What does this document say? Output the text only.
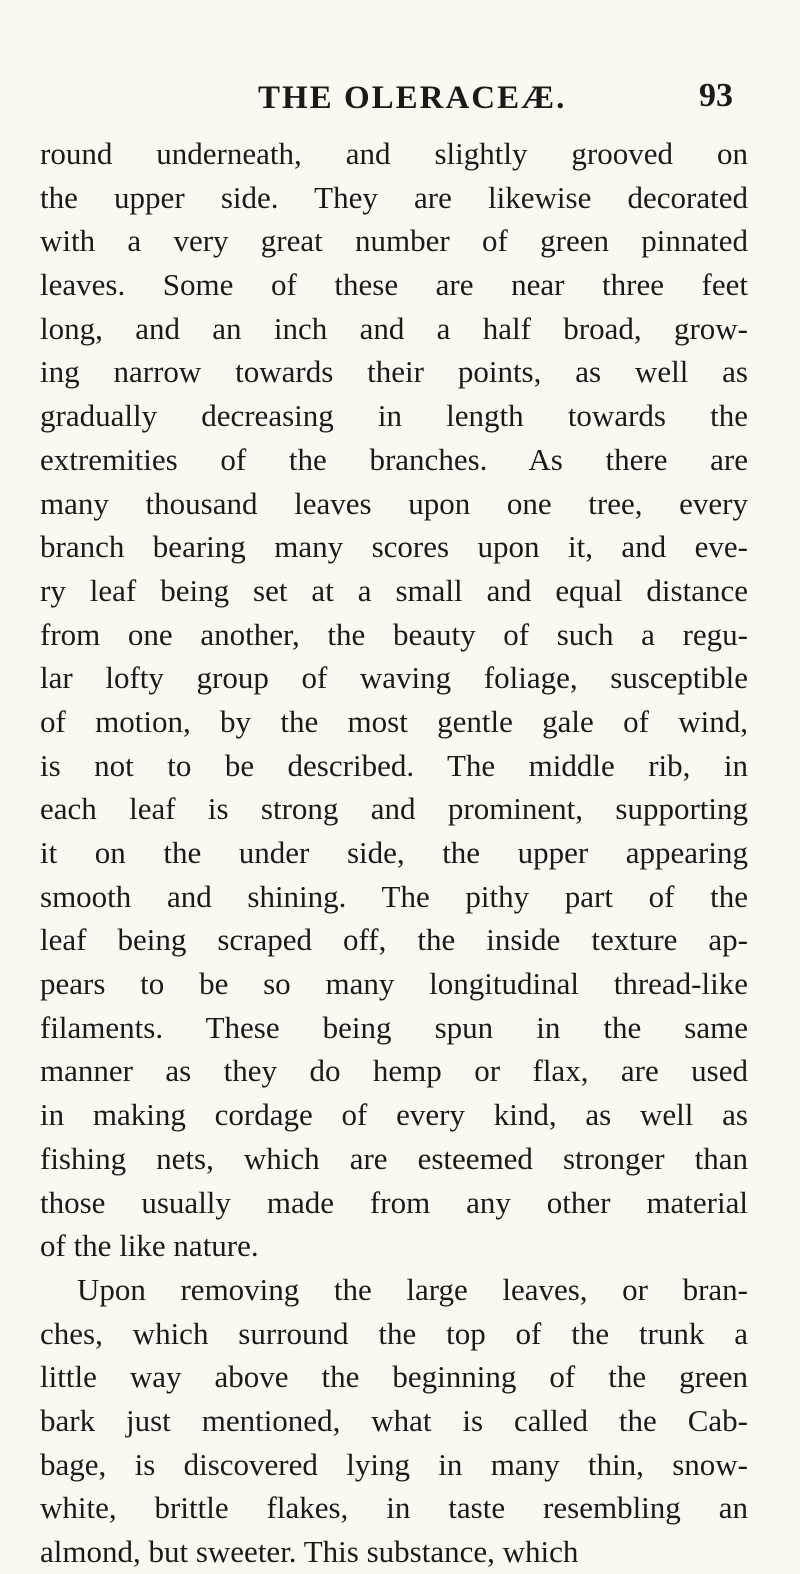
THE OLERACEÆ.	93
round underneath, and slightly grooved on
the upper side. They are likewise decorated
with a very great number of green pinnated
leaves. Some of these are near three feet
long, and an inch and a half broad, grow-
ing narrow towards their points, as well as
gradually decreasing in length towards the
extremities of the branches. As there are
many thousand leaves upon one tree, every
branch bearing many scores upon it, and eve-
ry leaf being set at a small and equal distance
from one another, the beauty of such a regu-
lar lofty group of waving foliage, susceptible
of motion, by the most gentle gale of wind,
is not to be described. The middle rib, in
each leaf is strong and prominent, supporting
it on the under side, the upper appearing
smooth and shining. The pithy part of the
leaf being scraped off, the inside texture ap-
pears to be so many longitudinal thread-like
filaments. These being spun in the same
manner as they do hemp or flax, are used
in making cordage of every kind, as well as
fishing nets, which are esteemed stronger than
those usually made from any other material
of the like nature.
Upon removing the large leaves, or bran-
ches, which surround the top of the trunk a
little way above the beginning of the green
bark just mentioned, what is called the Cab-
bage, is discovered lying in many thin, snow-
white, brittle flakes, in taste resembling an
almond, but sweeter. This substance, which
